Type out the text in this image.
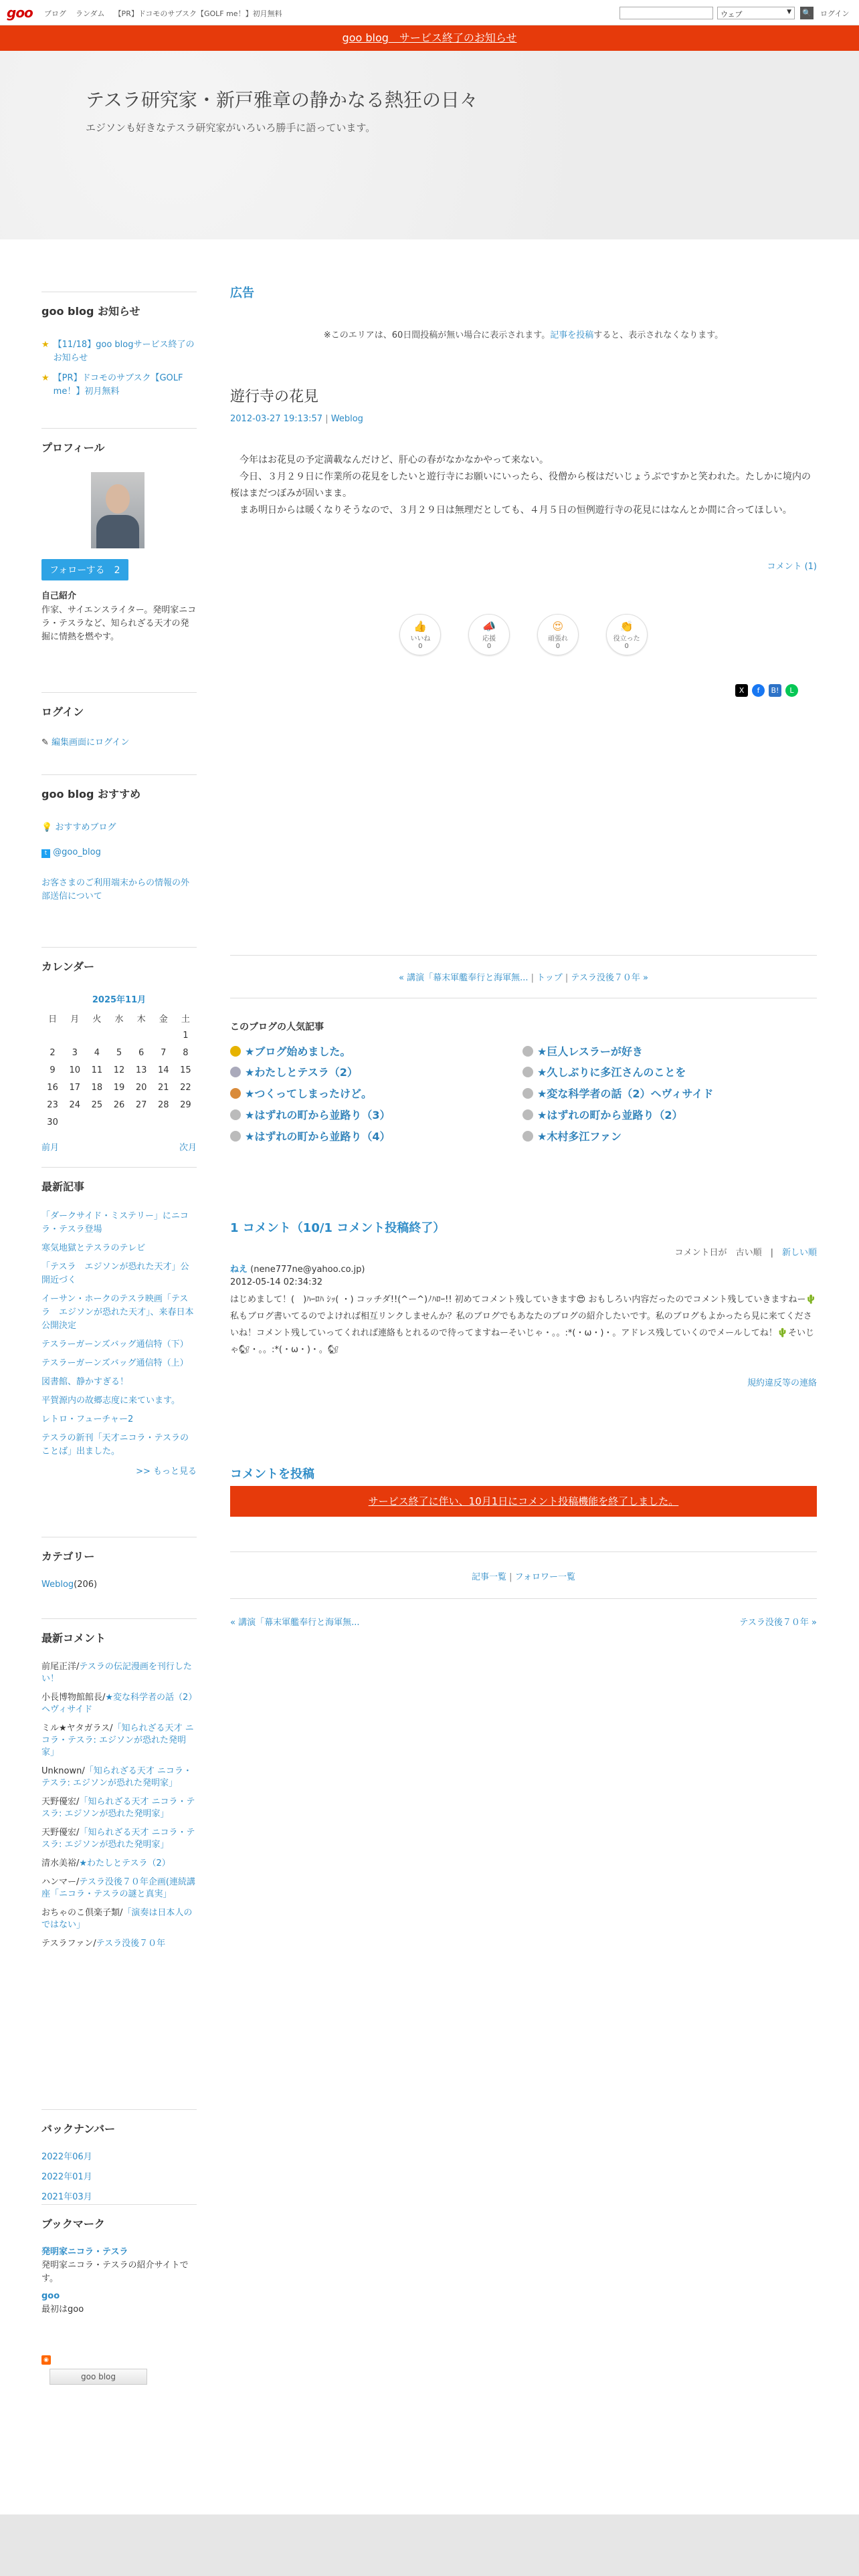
goo ブログ ランダム 【PR】ドコモのサブスク【GOLF me！】初月無料	ウェブ	▼ 🔍 ログイン
goo blog　サービス終了のお知らせ
テスラ研究家・新戸雅章の静かなる熱狂の日々
エジソンも好きなテスラ研究家がいろいろ勝手に語っています。
goo blog お知らせ
★ 【11/18】goo blogサービス終了のお知らせ
★ 【PR】ドコモのサブスク【GOLF me！】初月無料
プロフィール
フォローする　 2
自己紹介
作家、サイエンスライター。発明家ニコラ・テスラなど、知られざる天才の発掘に情熱を燃やす。
ログイン
✎ 編集画面にログイン
goo blog おすすめ
💡 おすすめブログ
t @goo_blog
お客さまのご利用端末からの情報の外部送信について
カレンダー
2025年11月
日	月	火	水	木	金	土
						1
2	3	4	5	6	7	8
9	10	11	12	13	14	15
16	17	18	19	20	21	22
23	24	25	26	27	28	29
30						
前月	次月
最新記事
「ダークサイド・ミステリー」にニコラ・テスラ登場
寒気地獄とテスラのテレビ
「テスラ　エジソンが恐れた天才」公開近づく
イーサン・ホークのテスラ映画「テスラ　エジソンが恐れた天才」、来春日本公開決定
テスラーガーンズバッグ通信特（下）
テスラーガーンズバッグ通信特（上）
図書館、静かすぎる！
平賀源内の故郷志度に来ています。
レトロ・フューチャー2
テスラの新刊「天才ニコラ・テスラのことば」出ました。
>> もっと見る
カテゴリー
Weblog(206)
最新コメント
前尾正洋/テスラの伝記漫画を刊行したい！
小長博物館館長/★変な科学者の話（2）ヘヴィサイド
ミル★ヤタガラス/「知られざる天才 ニコラ・テスラ: エジソンが恐れた発明家」
Unknown/「知られざる天才 ニコラ・テスラ: エジソンが恐れた発明家」
天野優宏/「知られざる天才 ニコラ・テスラ: エジソンが恐れた発明家」
天野優宏/「知られざる天才 ニコラ・テスラ: エジソンが恐れた発明家」
清水美裕/★わたしとテスラ（2）
ハンマー/テスラ没後７０年企画(連続講座「ニコラ・テスラの謎と真実」
おちゃのこ倶楽子類/「演奏は日本人のではない」
テスラファン/テスラ没後７０年
バックナンバー
2022年06月
2022年01月
2021年03月
ブックマーク
発明家ニコラ・テスラ
発明家ニコラ・テスラの紹介サイトです。
goo
最初はgoo
◉
goo blog
広告
※このエリアは、60日間投稿が無い場合に表示されます。記事を投稿すると、表示されなくなります。
遊行寺の花見
2012-03-27 19:13:57 | Weblog
　今年はお花見の予定満載なんだけど、肝心の春がなかなかやって来ない。
　今日、３月２９日に作業所の花見をしたいと遊行寺にお願いにいったら、役僧から桜はだいじょうぶですかと笑われた。たしかに境内の桜はまだつぼみが固いまま。
　まあ明日からは暖くなりそうなので、３月２９日は無理だとしても、４月５日の恒例遊行寺の花見にはなんとか間に合ってほしい。
コメント (1)
👍
いいね
0

📣
応援
0

😍
頑張れ
0

👏
役立った
0
X	f	B!	L
« 講演「幕末軍艦奉行と海軍無... | トップ | テスラ没後７０年 »
このブログの人気記事
★ブログ始めました。	★巨人レスラーが好き
★わたしとテスラ（2）	★久しぶりに多江さんのことを
★つくってしまったけど。	★変な科学者の話（2）ヘヴィサイド
★はずれの町から並路り（3）	★はずれの町から並路り（2）
★はずれの町から並路り（4）	★木村多江ファン
1 コメント（10/1 コメント投稿終了）
コメント日が　 古い順　|　新しい順
ねえ (nene777ne@yahoo.co.jp)
2012-05-14 02:34:32
はじめまして！(　)ﾊｰﾛﾊ ｼｯ( ・) コッチダ!!(^ー^)ﾉﾊﾛｰ!! 初めてコメント残していきます😍 おもしろい内容だったのでコメント残していきますねー🌵私もブログ書いてるのでよければ相互リンクしませんか？私のブログでもあなたのブログの紹介したいです。私のブログもよかったら見に来てくださいね！コメント残していってくれれば連絡もとれるので待ってますねーそいじゃ・。。:*(・ω・)・。アドレス残していくのでメールしてね！🌵そいじゃ🐿・。。:*(・ω・)・。🐿
規約違反等の連絡
コメントを投稿
サービス終了に伴い、10月1日にコメント投稿機能を終了しました。
記事一覧 | フォロワー一覧
« 講演「幕末軍艦奉行と海軍無...	テスラ没後７０年 »
